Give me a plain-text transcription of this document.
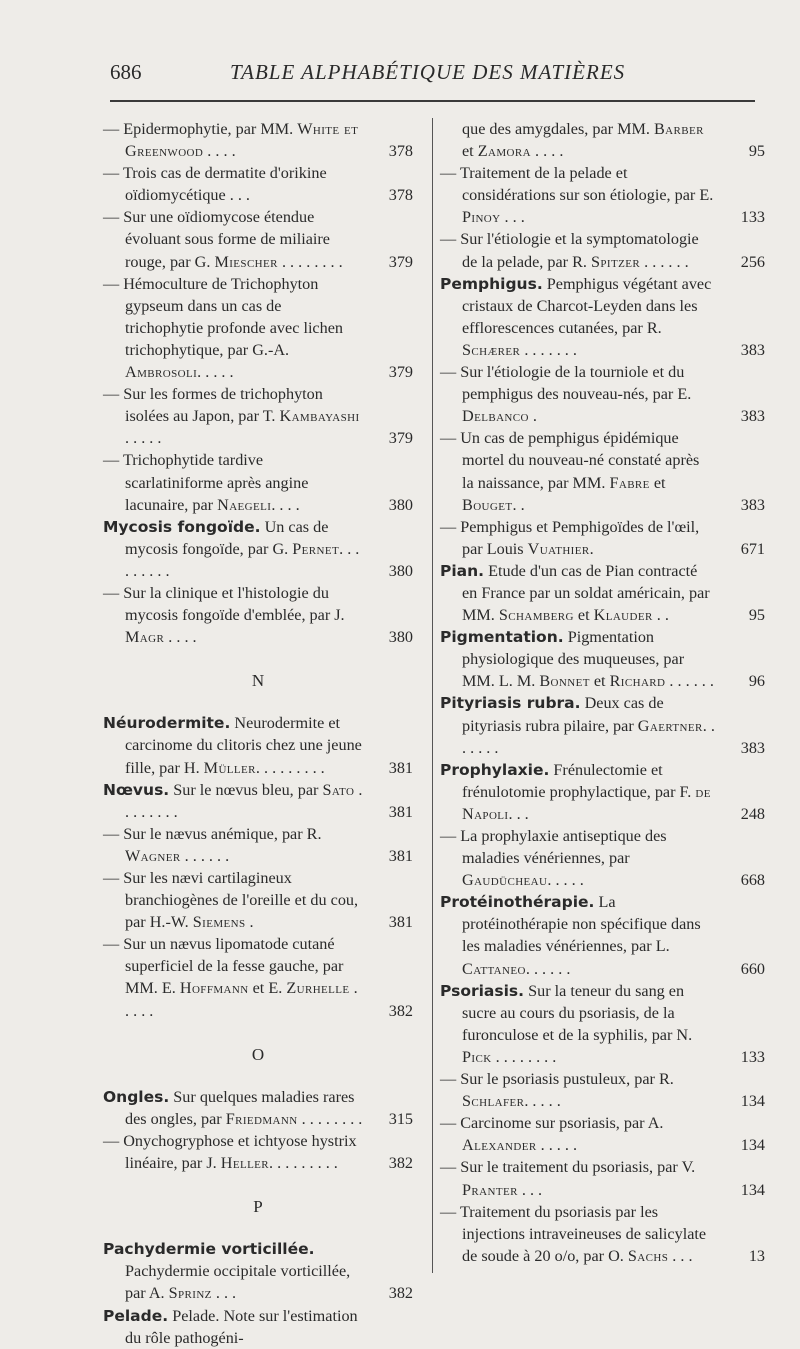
686	TABLE ALPHABÉTIQUE DES MATIÈRES

— Epidermophytie, par MM. White et Greenwood . . . .	378

— Trois cas de dermatite d'orikine oïdiomycétique . . .	378

— Sur une oïdiomycose étendue évoluant sous forme de miliaire rouge, par G. Miescher . . . . . . . .	379

— Hémoculture de Trichophyton gypseum dans un cas de trichophytie profonde avec lichen trichophytique, par G.-A. Ambrosoli. . . . .	379

— Sur les formes de trichophyton isolées au Japon, par T. Kambayashi . . . . .	379

— Trichophytide tardive scarlatiniforme après angine lacunaire, par Naegeli. . . .	380

Mycosis fongoïde. Un cas de mycosis fongoïde, par G. Pernet. . . . . . . . .	380

— Sur la clinique et l'histologie du mycosis fongoïde d'emblée, par J. Magr . . . .	380

N

Néurodermite. Neurodermite et carcinome du clitoris chez une jeune fille, par H. Müller. . . . . . . . .	381

Nœvus. Sur le nœvus bleu, par Sato . . . . . . . .	381

— Sur le nævus anémique, par R. Wagner . . . . . .	381

— Sur les nævi cartilagineux branchiogènes de l'oreille et du cou, par H.-W. Siemens .	381

— Sur un nævus lipomatode cutané superficiel de la fesse gauche, par MM. E. Hoffmann et E. Zurhelle . . . . .	382

O

Ongles. Sur quelques maladies rares des ongles, par Friedmann . . . . . . . .	315

— Onychogryphose et ichtyose hystrix linéaire, par J. Heller. . . . . . . . .	382

P

Pachydermie vorticillée. Pachydermie occipitale vorticillée, par A. Sprinz . . .	382

Pelade. Pelade. Note sur l'estimation du rôle pathogéni-

que des amygdales, par MM. Barber et Zamora . . . .	95

— Traitement de la pelade et considérations sur son étiologie, par E. Pinoy . . .	133

— Sur l'étiologie et la symptomatologie de la pelade, par R. Spitzer . . . . . .	256

Pemphigus. Pemphigus végétant avec cristaux de Charcot-Leyden dans les efflorescences cutanées, par R. Schærer . . . . . . .	383

— Sur l'étiologie de la tourniole et du pemphigus des nouveau-nés, par E. Delbanco .	383

— Un cas de pemphigus épidémique mortel du nouveau-né constaté après la naissance, par MM. Fabre et Bouget. .	383

— Pemphigus et Pemphigoïdes de l'œil, par Louis Vuathier.	671

Pian. Etude d'un cas de Pian contracté en France par un soldat américain, par MM. Schamberg et Klauder . .	95

Pigmentation. Pigmentation physiologique des muqueuses, par MM. L. M. Bonnet et Richard . . . . . .	96

Pityriasis rubra. Deux cas de pityriasis rubra pilaire, par Gaertner. . . . . . .	383

Prophylaxie. Frénulectomie et frénulotomie prophylactique, par F. de Napoli. . .	248

— La prophylaxie antiseptique des maladies vénériennes, par Gaudücheau. . . . .	668

Protéinothérapie. La protéinothérapie non spécifique dans les maladies vénériennes, par L. Cattaneo. . . . . .	660

Psoriasis. Sur la teneur du sang en sucre au cours du psoriasis, de la furonculose et de la syphilis, par N. Pick . . . . . . . .	133

— Sur le psoriasis pustuleux, par R. Schlafer. . . . .	134

— Carcinome sur psoriasis, par A. Alexander . . . . .	134

— Sur le traitement du psoriasis, par V. Pranter . . .	134

— Traitement du psoriasis par les injections intraveineuses de salicylate de soude à 20 o/o, par O. Sachs . . .	13
